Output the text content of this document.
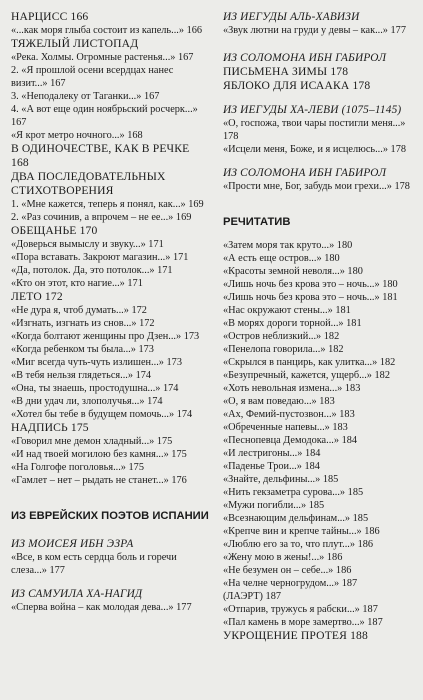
НАРЦИСС 166
«...как моря глыба состоит из капель...» 166
ТЯЖЕЛЫЙ ЛИСТОПАД
«Река. Холмы. Огромные растенья...» 167
2. «Я прошлой осени всердцах нанес визит...» 167
3. «Неподалеку от Таганки...» 167
4. «А вот еще один ноябрьский росчерк...» 167
«Я крот метро ночного...» 168
В ОДИНОЧЕСТВЕ, КАК В РЕЧКЕ 168
ДВА ПОСЛЕДОВАТЕЛЬНЫХ СТИХОТВОРЕНИЯ
1. «Мне кажется, теперь я понял, как...» 169
2. «Раз сочинив, а впрочем – не ее...» 169
ОБЕЩАНЬЕ 170
«Доверься вымыслу и звуку...» 171
«Пора вставать. Закроют магазин...» 171
«Да, потолок. Да, это потолок...» 171
«Кто он этот, кто нагие...» 171
ЛЕТО 172
«Не дура я, чтоб думать...» 172
«Изгнать, изгнать из снов...» 172
«Когда болтают женщины про Дзен...» 173
«Когда ребенком ты была...» 173
«Миг всегда чуть-чуть излишен...» 173
«В тебя нельзя глядеться...» 174
«Она, ты знаешь, простодушна...» 174
«В дни удач ли, злополучья...» 174
«Хотел бы тебе в будущем помочь...» 174
НАДПИСЬ 175
«Говорил мне демон хладный...» 175
«И над твоей могилою без камня...» 175
«На Голгофе поголовья...» 175
«Гамлет – нет – рыдать не станет...» 176
ИЗ ЕВРЕЙСКИХ ПОЭТОВ ИСПАНИИ
ИЗ МОИСЕЯ ИБН ЭЗРА
«Все, в ком есть сердца боль и горечи слеза...» 177
ИЗ САМУИЛА ХА-НАГИД
«Сперва война – как молодая дева...» 177
ИЗ ИЕГУДЫ АЛЬ-ХАВИЗИ
«Звук лютни на груди у девы – как...» 177
ИЗ СОЛОМОНА ИБН ГАБИРОЛ
ПИСЬМЕНА ЗИМЫ 178
ЯБЛОКО ДЛЯ ИСААКА 178
ИЗ ИЕГУДЫ ХА-ЛЕВИ (1075–1145)
«О, госпожа, твои чары постигли меня...» 178
«Исцели меня, Боже, и я исцелюсь...» 178
ИЗ СОЛОМОНА ИБН ГАБИРОЛ
«Прости мне, Бог, забудь мои грехи...» 178
РЕЧИТАТИВ
«Затем моря так круто...» 180
«А есть еще остров...» 180
«Красоты земной неволя...» 180
«Лишь ночь без крова это – ночь...» 180
«Лишь ночь без крова это – ночь...» 181
«Нас окружают стены...» 181
«В морях дороги торной...» 181
«Остров неблизкий...» 182
«Пенелопа говорила...» 182
«Скрылся в панцирь, как улитка...» 182
«Безупречный, кажется, ущерб...» 182
«Хоть невольная измена...» 183
«О, я вам поведаю...» 183
«Ах, Фемий-пустозвон...» 183
«Обреченные напевы...» 183
«Песнопевца Демодока...» 184
«И лестригоны...» 184
«Паденье Трои...» 184
«Знайте, дельфины...» 185
«Нить гекзаметра сурова...» 185
«Мужи погибли...» 185
«Всезнающим дельфинам...» 185
«Крепче вин и крепче тайны...» 186
«Люблю его за то, что плут...» 186
«Жену мою в жены!...» 186
«Не безумен он – себе...» 186
«На челне черногрудом...» 187
(ЛАЭРТ) 187
«Отпарив, тружусь я рабски...» 187
«Пал камень в море замертво...» 187
УКРОЩЕНИЕ ПРОТЕЯ 188
